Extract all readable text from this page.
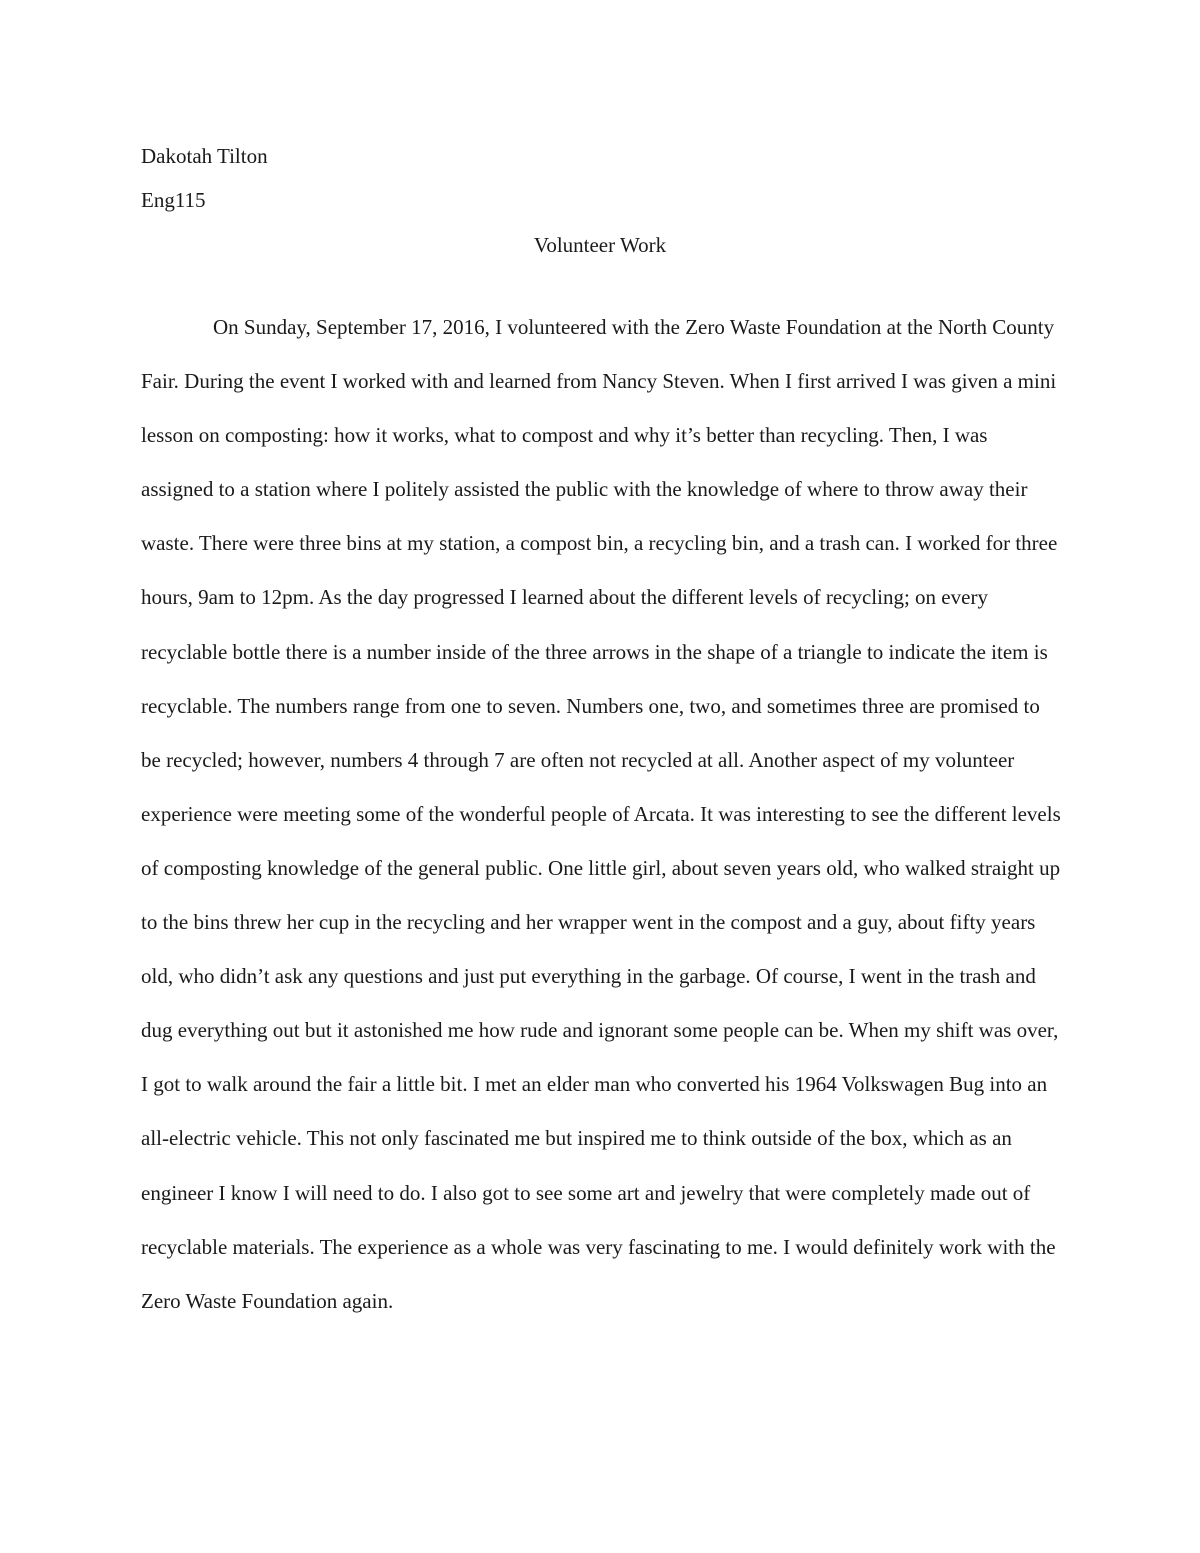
Dakotah Tilton
Eng115
Volunteer Work

On Sunday, September 17, 2016, I volunteered with the Zero Waste Foundation at the North County Fair. During the event I worked with and learned from Nancy Steven. When I first arrived I was given a mini lesson on composting: how it works, what to compost and why it’s better than recycling. Then, I was assigned to a station where I politely assisted the public with the knowledge of where to throw away their waste. There were three bins at my station, a compost bin, a recycling bin, and a trash can. I worked for three hours, 9am to 12pm. As the day progressed I learned about the different levels of recycling; on every recyclable bottle there is a number inside of the three arrows in the shape of a triangle to indicate the item is recyclable. The numbers range from one to seven. Numbers one, two, and sometimes three are promised to be recycled; however, numbers 4 through 7 are often not recycled at all. Another aspect of my volunteer experience were meeting some of the wonderful people of Arcata. It was interesting to see the different levels of composting knowledge of the general public. One little girl, about seven years old, who walked straight up to the bins threw her cup in the recycling and her wrapper went in the compost and a guy, about fifty years old, who didn’t ask any questions and just put everything in the garbage. Of course, I went in the trash and dug everything out but it astonished me how rude and ignorant some people can be. When my shift was over, I got to walk around the fair a little bit. I met an elder man who converted his 1964 Volkswagen Bug into an all-electric vehicle. This not only fascinated me but inspired me to think outside of the box, which as an engineer I know I will need to do. I also got to see some art and jewelry that were completely made out of recyclable materials. The experience as a whole was very fascinating to me. I would definitely work with the Zero Waste Foundation again.
